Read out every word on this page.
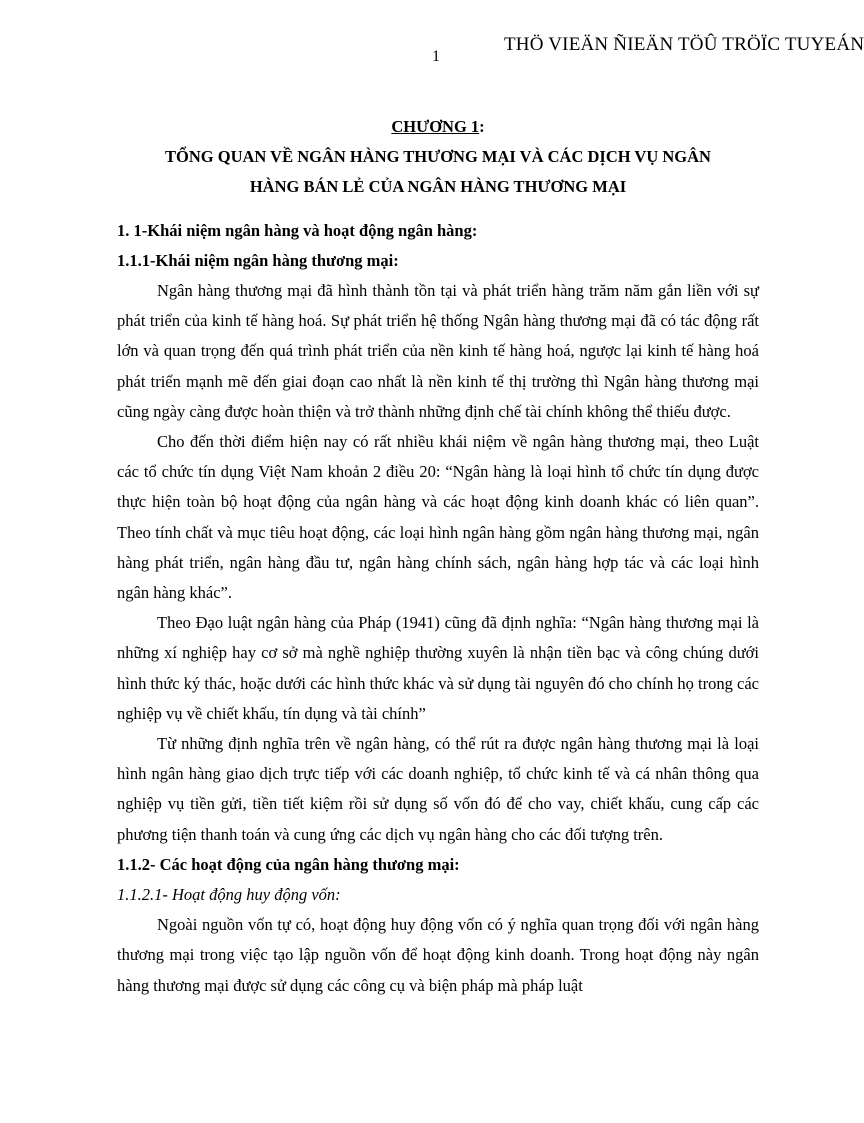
THÖ VIEÄN ÑIEÄN TÖÛ TRÖÏC TUYEÁN
1

CHƯƠNG 1:

TỔNG QUAN VỀ NGÂN HÀNG THƯƠNG MẠI VÀ CÁC DỊCH VỤ NGÂN HÀNG BÁN LẺ CỦA NGÂN HÀNG THƯƠNG MẠI

1. 1-Khái niệm ngân hàng và hoạt động ngân hàng:

1.1.1-Khái niệm ngân hàng thương mại:

Ngân hàng thương mại đã hình thành tồn tại và phát triển hàng trăm năm gắn liền với sự phát triển của kinh tế hàng hoá. Sự phát triển hệ thống Ngân hàng thương mại đã có tác động rất lớn và quan trọng đến quá trình phát triển của nền kinh tế hàng hoá, ngược lại kinh tế hàng hoá phát triển mạnh mẽ đến giai đoạn cao nhất là nền kinh tế thị trường thì Ngân hàng thương mại cũng ngày càng được hoàn thiện và trở thành những định chế tài chính không thể thiếu được.

Cho đến thời điểm hiện nay có rất nhiều khái niệm về ngân hàng thương mại, theo Luật các tổ chức tín dụng Việt Nam khoản 2 điều 20: “Ngân hàng là loại hình tổ chức tín dụng được thực hiện toàn bộ hoạt động của ngân hàng và các hoạt động kinh doanh khác có liên quan”. Theo tính chất và mục tiêu hoạt động, các loại hình ngân hàng gồm ngân hàng thương mại, ngân hàng phát triển, ngân hàng đầu tư, ngân hàng chính sách, ngân hàng hợp tác và các loại hình ngân hàng khác”.

Theo Đạo luật ngân hàng của Pháp (1941) cũng đã định nghĩa: “Ngân hàng thương mại là những xí nghiệp hay cơ sở mà nghề nghiệp thường xuyên là nhận tiền bạc và công chúng dưới hình thức ký thác, hoặc dưới các hình thức khác và sử dụng tài nguyên đó cho chính họ trong các nghiệp vụ về chiết khấu, tín dụng và tài chính”

Từ những định nghĩa trên về ngân hàng, có thể rút ra được ngân hàng thương mại là loại hình ngân hàng giao dịch trực tiếp với các doanh nghiệp, tổ chức kinh tế và cá nhân thông qua nghiệp vụ tiền gửi, tiền tiết kiệm rồi sử dụng số vốn đó để cho vay, chiết khấu, cung cấp các phương tiện thanh toán và cung ứng các dịch vụ ngân hàng cho các đối tượng trên.

1.1.2- Các hoạt động của ngân hàng thương mại:

1.1.2.1- Hoạt động huy động vốn:

Ngoài nguồn vốn tự có, hoạt động huy động vốn có ý nghĩa quan trọng đối với ngân hàng thương mại trong việc tạo lập nguồn vốn để hoạt động kinh doanh. Trong hoạt động này ngân hàng thương mại được sử dụng các công cụ và biện pháp mà pháp luật
